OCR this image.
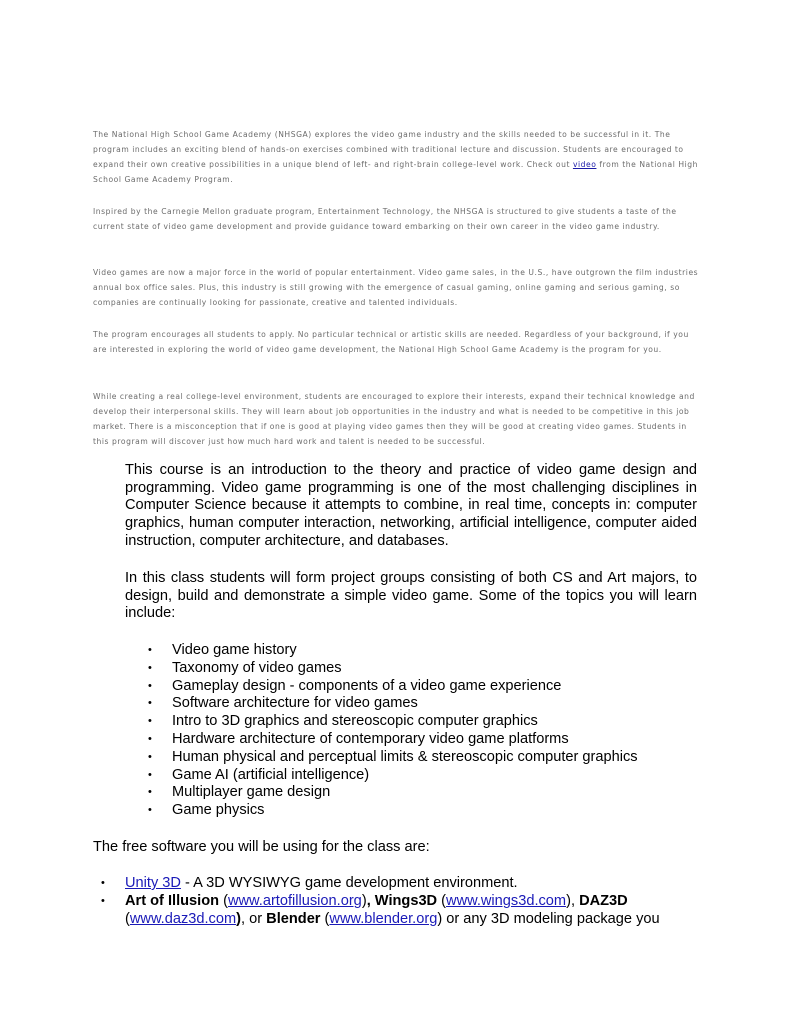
The National High School Game Academy (NHSGA) explores the video game industry and the skills needed to be successful in it. The program includes an exciting blend of hands-on exercises combined with traditional lecture and discussion. Students are encouraged to expand their own creative possibilities in a unique blend of left- and right-brain college-level work. Check out video from the National High School Game Academy Program.

Inspired by the Carnegie Mellon graduate program, Entertainment Technology, the NHSGA is structured to give students a taste of the current state of video game development and provide guidance toward embarking on their own career in the video game industry.

Video games are now a major force in the world of popular entertainment. Video game sales, in the U.S., have outgrown the film industries annual box office sales. Plus, this industry is still growing with the emergence of casual gaming, online gaming and serious gaming, so companies are continually looking for passionate, creative and talented individuals.

The program encourages all students to apply. No particular technical or artistic skills are needed. Regardless of your background, if you are interested in exploring the world of video game development, the National High School Game Academy is the program for you.

While creating a real college-level environment, students are encouraged to explore their interests, expand their technical knowledge and develop their interpersonal skills. They will learn about job opportunities in the industry and what is needed to be competitive in this job market. There is a misconception that if one is good at playing video games then they will be good at creating video games. Students in this program will discover just how much hard work and talent is needed to be successful.

This course is an introduction to the theory and practice of video game design and programming. Video game programming is one of the most challenging disciplines in Computer Science because it attempts to combine, in real time, concepts in: computer graphics, human computer interaction, networking, artificial intelligence, computer aided instruction, computer architecture, and databases.

In this class students will form project groups consisting of both CS and Art majors, to design, build and demonstrate a simple video game. Some of the topics you will learn include:

• Video game history
• Taxonomy of video games
• Gameplay design - components of a video game experience
• Software architecture for video games
• Intro to 3D graphics and stereoscopic computer graphics
• Hardware architecture of contemporary video game platforms
• Human physical and perceptual limits & stereoscopic computer graphics
• Game AI (artificial intelligence)
• Multiplayer game design
• Game physics
The free software you will be using for the class are:
• Unity 3D - A 3D WYSIWYG game development environment.
• Art of Illusion (www.artofillusion.org), Wings3D (www.wings3d.com), DAZ3D (www.daz3d.com), or Blender (www.blender.org) or any 3D modeling package you
